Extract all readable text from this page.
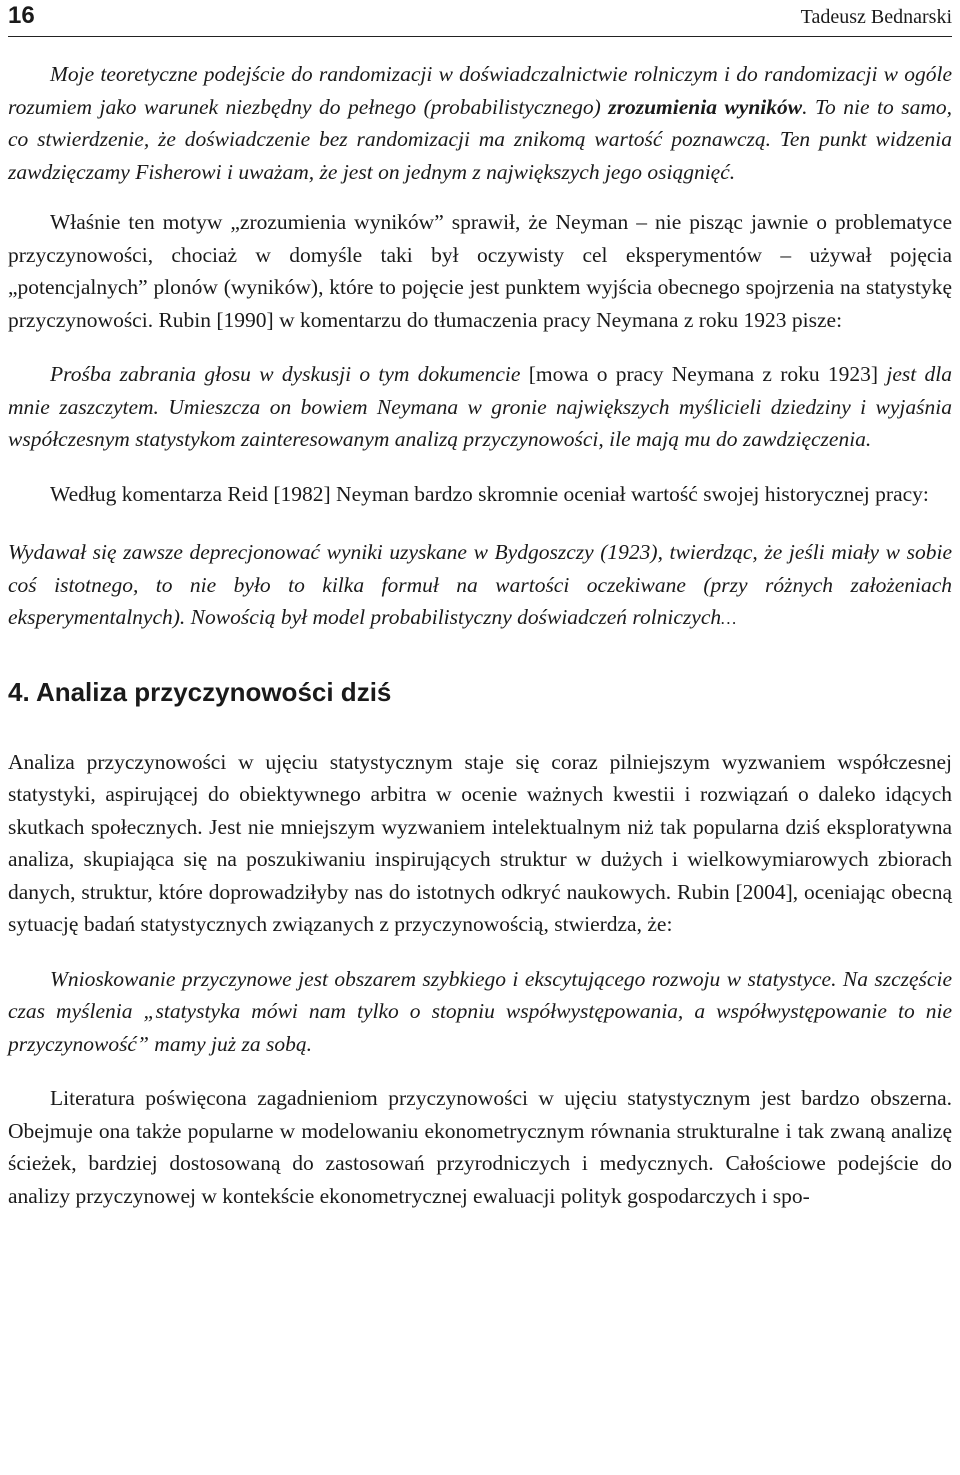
16	Tadeusz Bednarski

Moje teoretyczne podejście do randomizacji w doświadczalnictwie rolniczym i do randomizacji w ogóle rozumiem jako warunek niezbędny do pełnego (probabilistycznego) zrozumienia wyników. To nie to samo, co stwierdzenie, że doświadczenie bez randomizacji ma znikomą wartość poznawczą. Ten punkt widzenia zawdzięczamy Fisherowi i uważam, że jest on jednym z największych jego osiągnięć.

Właśnie ten motyw „zrozumienia wyników” sprawił, że Neyman – nie pisząc jawnie o problematyce przyczynowości, chociaż w domyśle taki był oczywisty cel eksperymentów – używał pojęcia „potencjalnych” plonów (wyników), które to pojęcie jest punktem wyjścia obecnego spojrzenia na statystykę przyczynowości. Rubin [1990] w komentarzu do tłumaczenia pracy Neymana z roku 1923 pisze:

Prośba zabrania głosu w dyskusji o tym dokumencie [mowa o pracy Neymana z roku 1923] jest dla mnie zaszczytem. Umieszcza on bowiem Neymana w gronie największych myślicieli dziedziny i wyjaśnia współczesnym statystykom zainteresowanym analizą przyczynowości, ile mają mu do zawdzięczenia.

Według komentarza Reid [1982] Neyman bardzo skromnie oceniał wartość swojej historycznej pracy:

Wydawał się zawsze deprecjonować wyniki uzyskane w Bydgoszczy (1923), twierdząc, że jeśli miały w sobie coś istotnego, to nie było to kilka formuł na wartości oczekiwane (przy różnych założeniach eksperymentalnych). Nowością był model probabilistyczny doświadczeń rolniczych…

4. Analiza przyczynowości dziś

Analiza przyczynowości w ujęciu statystycznym staje się coraz pilniejszym wyzwaniem współczesnej statystyki, aspirującej do obiektywnego arbitra w ocenie ważnych kwestii i rozwiązań o daleko idących skutkach społecznych. Jest nie mniejszym wyzwaniem intelektualnym niż tak popularna dziś eksploratywna analiza, skupiająca się na poszukiwaniu inspirujących struktur w dużych i wielkowymiarowych zbiorach danych, struktur, które doprowadziłyby nas do istotnych odkryć naukowych. Rubin [2004], oceniając obecną sytuację badań statystycznych związanych z przyczynowością, stwierdza, że:

Wnioskowanie przyczynowe jest obszarem szybkiego i ekscytującego rozwoju w statystyce. Na szczęście czas myślenia „statystyka mówi nam tylko o stopniu współwystępowania, a współwystępowanie to nie przyczynowość” mamy już za sobą.

Literatura poświęcona zagadnieniom przyczynowości w ujęciu statystycznym jest bardzo obszerna. Obejmuje ona także popularne w modelowaniu ekonometrycznym równania strukturalne i tak zwaną analizę ścieżek, bardziej dostosowaną do zastosowań przyrodniczych i medycznych. Całościowe podejście do analizy przyczynowej w kontekście ekonometrycznej ewaluacji polityk gospodarczych i spo-
